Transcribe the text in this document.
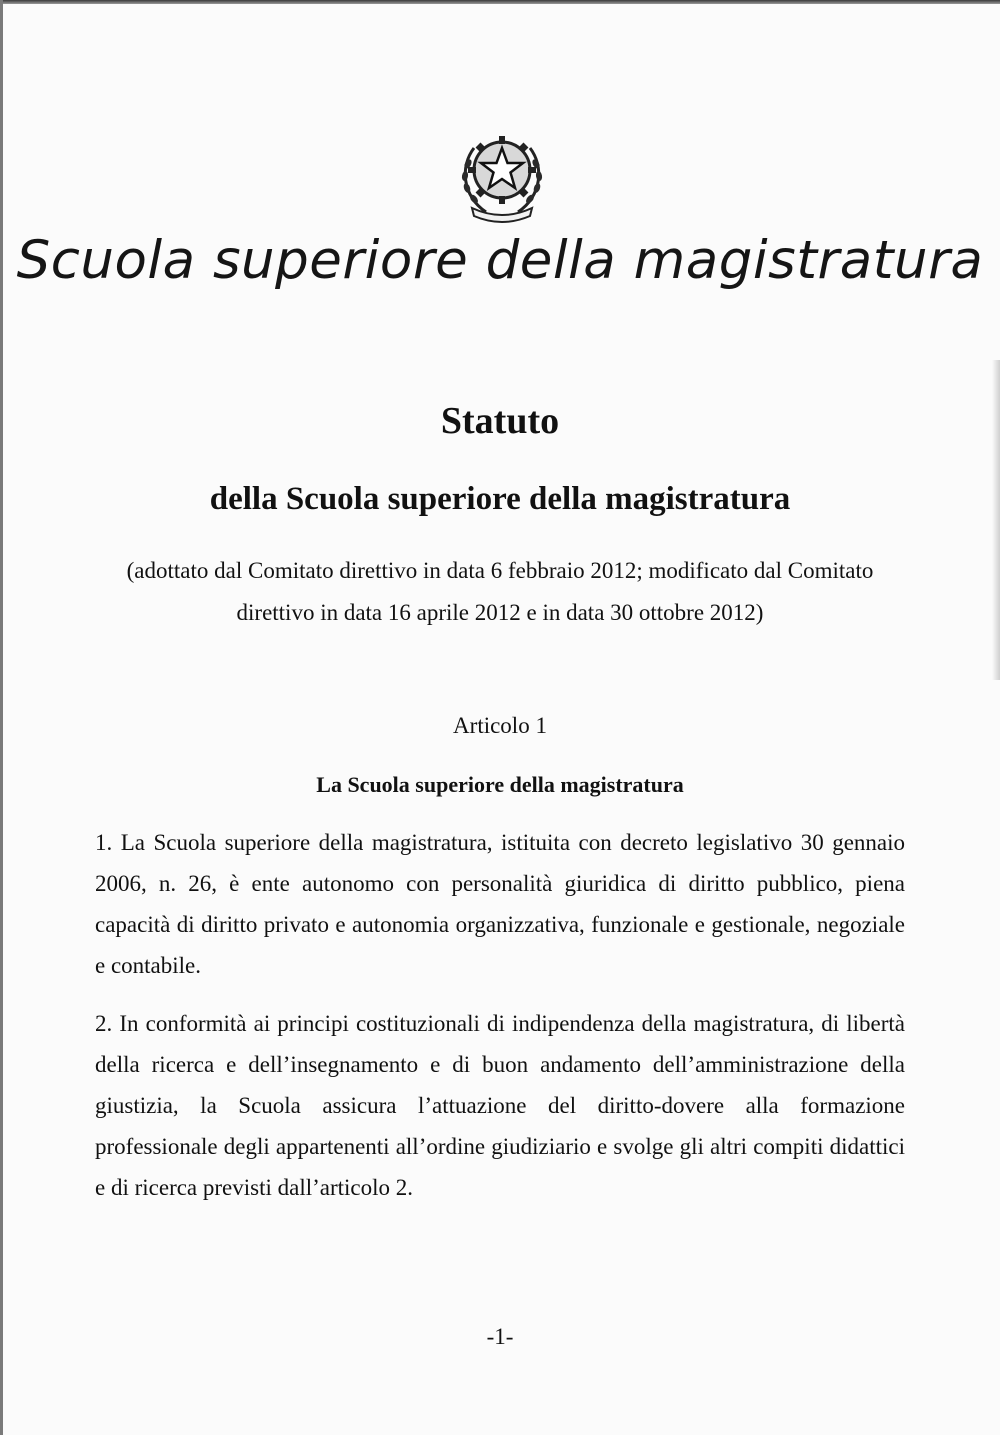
Scuola superiore della magistratura
Statuto
della Scuola superiore della magistratura

(adottato dal Comitato direttivo in data 6 febbraio 2012; modificato dal Comitato direttivo in data 16 aprile 2012 e in data 30 ottobre 2012)

Articolo 1

La Scuola superiore della magistratura

1. La Scuola superiore della magistratura, istituita con decreto legislativo 30 gennaio 2006, n. 26, è ente autonomo con personalità giuridica di diritto pubblico, piena capacità di diritto privato e autonomia organizzativa, funzionale e gestionale, negoziale e contabile.

2. In conformità ai principi costituzionali di indipendenza della magistratura, di libertà della ricerca e dell’insegnamento e di buon andamento dell’amministrazione della giustizia, la Scuola assicura l’attuazione del diritto-dovere alla formazione professionale degli appartenenti all’ordine giudiziario e svolge gli altri compiti didattici e di ricerca previsti dall’articolo 2.

-1-
